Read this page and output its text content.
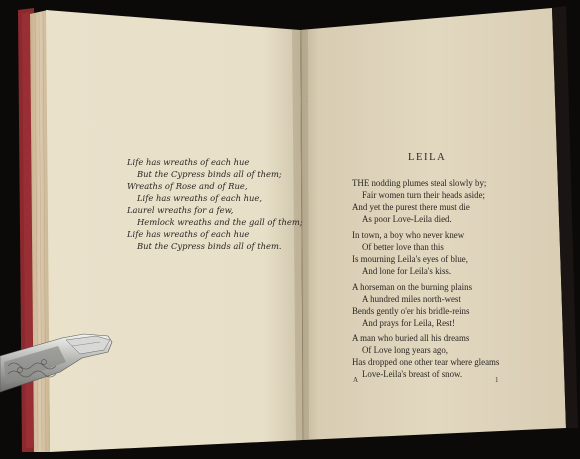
·
Life has wreaths of each hue
But the Cypress binds all of them;
Wreaths of Rose and of Rue,
Life has wreaths of each hue,
Laurel wreaths for a few,
Hemlock wreaths and the gall of them;
Life has wreaths of each hue
But the Cypress binds all of them.
LEILA
THE nodding plumes steal slowly by;
Fair women turn their heads aside;
And yet the purest there must die
As poor Love-Leila died.
In town, a boy who never knew
Of better love than this
Is mourning Leila's eyes of blue,
And lone for Leila's kiss.
A horseman on the burning plains
A hundred miles north-west
Bends gently o'er his bridle-reins
And prays for Leila, Rest!
A man who buried all his dreams
Of Love long years ago,
Has dropped one other tear where gleams
Love-Leila's breast of snow.
A	1
